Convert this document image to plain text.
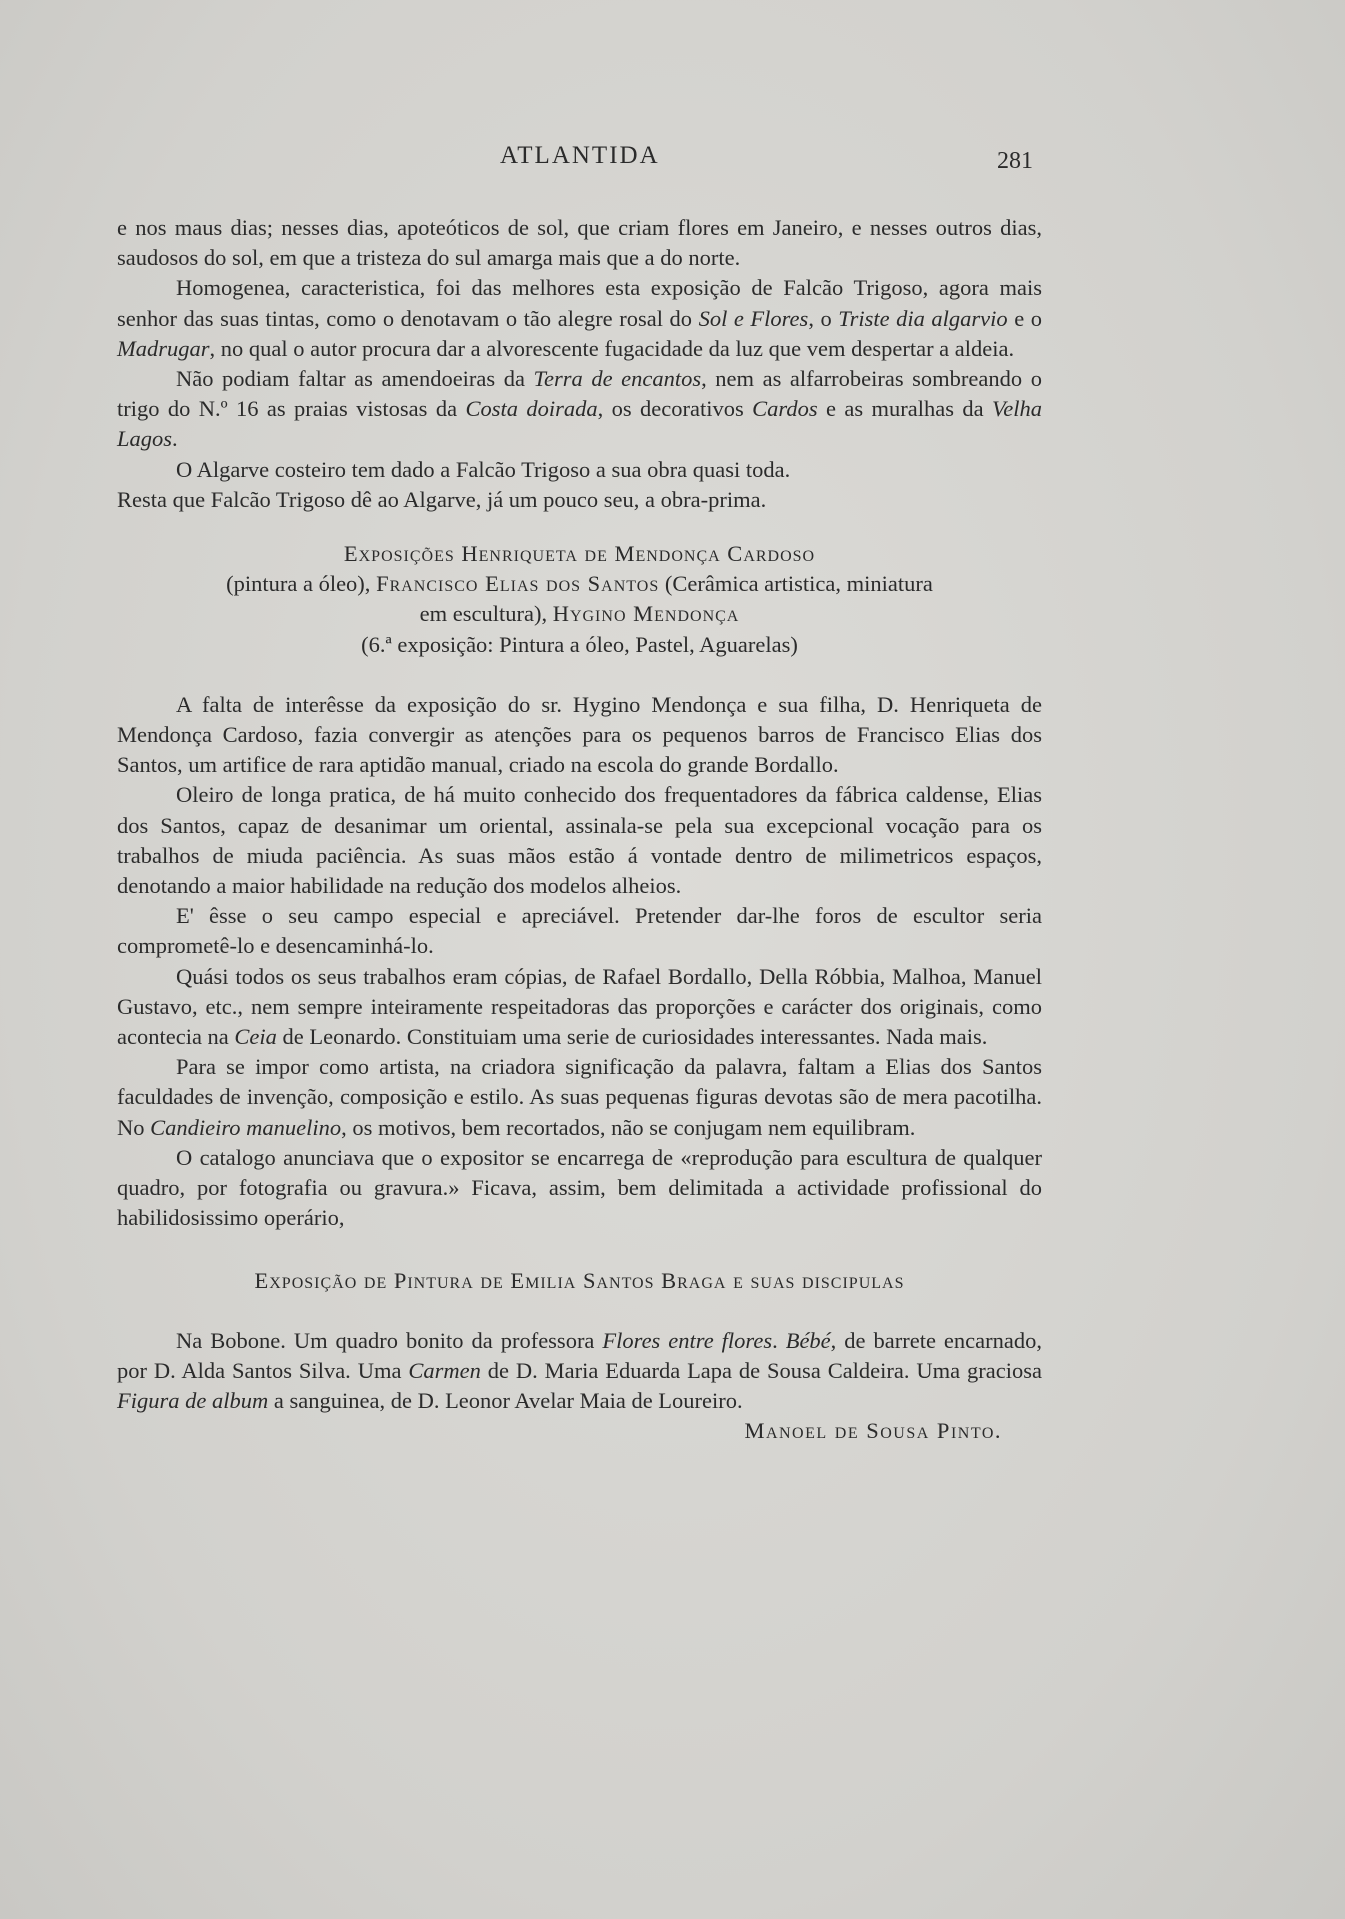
ATLANTIDA	281

e nos maus dias; nesses dias, apoteóticos de sol, que criam flores em Janeiro, e nesses outros dias, saudosos do sol, em que a tristeza do sul amarga mais que a do norte.

Homogenea, caracteristica, foi das melhores esta exposição de Falcão Trigoso, agora mais senhor das suas tintas, como o denotavam o tão alegre rosal do Sol e Flores, o Triste dia algarvio e o Madrugar, no qual o autor procura dar a alvorescente fugacidade da luz que vem despertar a aldeia.

Não podiam faltar as amendoeiras da Terra de encantos, nem as alfarrobeiras sombreando o trigo do N.º 16 as praias vistosas da Costa doirada, os decorativos Cardos e as muralhas da Velha Lagos.

O Algarve costeiro tem dado a Falcão Trigoso a sua obra quasi toda.

Resta que Falcão Trigoso dê ao Algarve, já um pouco seu, a obra-prima.

Exposições Henriqueta de Mendonça Cardoso

(pintura a óleo), Francisco Elias dos Santos (Cerâmica artistica, miniatura

em escultura), Hygino Mendonça

(6.ª exposição: Pintura a óleo, Pastel, Aguarelas)

A falta de interêsse da exposição do sr. Hygino Mendonça e sua filha, D. Henriqueta de Mendonça Cardoso, fazia convergir as atenções para os pequenos barros de Francisco Elias dos Santos, um artifice de rara aptidão manual, criado na escola do grande Bordallo.

Oleiro de longa pratica, de há muito conhecido dos frequentadores da fábrica caldense, Elias dos Santos, capaz de desanimar um oriental, assinala-se pela sua excepcional vocação para os trabalhos de miuda paciência. As suas mãos estão á vontade dentro de milimetricos espaços, denotando a maior habilidade na redução dos modelos alheios.

E' êsse o seu campo especial e apreciável. Pretender dar-lhe foros de escultor seria comprometê-lo e desencaminhá-lo.

Quási todos os seus trabalhos eram cópias, de Rafael Bordallo, Della Róbbia, Malhoa, Manuel Gustavo, etc., nem sempre inteiramente respeitadoras das proporções e carácter dos originais, como acontecia na Ceia de Leonardo. Constituiam uma serie de curiosidades interessantes. Nada mais.

Para se impor como artista, na criadora significação da palavra, faltam a Elias dos Santos faculdades de invenção, composição e estilo. As suas pequenas figuras devotas são de mera pacotilha. No Candieiro manuelino, os motivos, bem recortados, não se conjugam nem equilibram.

O catalogo anunciava que o expositor se encarrega de «reprodução para escultura de qualquer quadro, por fotografia ou gravura.» Ficava, assim, bem delimitada a actividade profissional do habilidosissimo operário,

Exposição de Pintura de Emilia Santos Braga e suas discipulas

Na Bobone. Um quadro bonito da professora Flores entre flores. Bébé, de barrete encarnado, por D. Alda Santos Silva. Uma Carmen de D. Maria Eduarda Lapa de Sousa Caldeira. Uma graciosa Figura de album a sanguinea, de D. Leonor Avelar Maia de Loureiro.

Manoel de Sousa Pinto.
